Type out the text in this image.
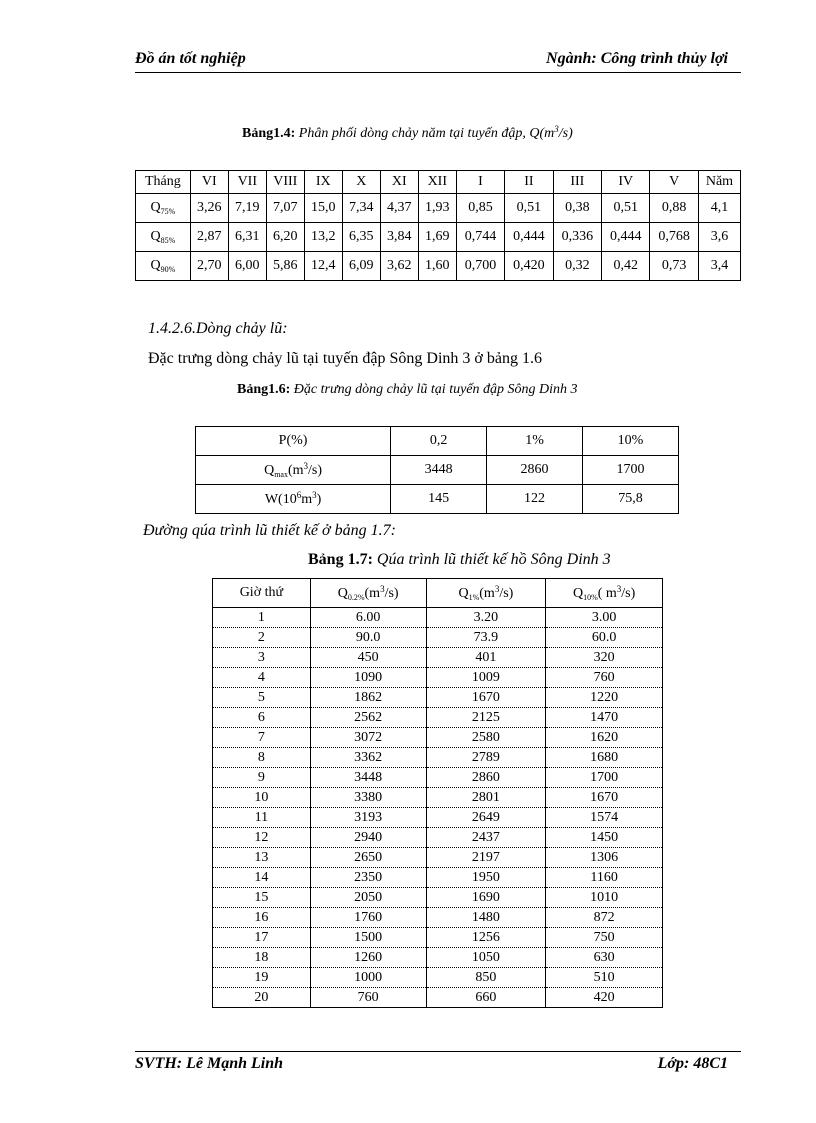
Đồ án tốt nghiệp	Ngành: Công trình thủy lợi
Bảng1.4: Phân phối dòng chảy năm tại tuyến đập, $Q(m^3/s)$
Tháng	VI	VII	VIII	IX	X	XI	XII	I	II	III	IV	V	Năm
$Q_{75\%}$	3,26	7,19	7,07	15,0	7,34	4,37	1,93	0,85	0,51	0,38	0,51	0,88	4,1
$Q_{85\%}$	2,87	6,31	6,20	13,2	6,35	3,84	1,69	0,744	0,444	0,336	0,444	0,768	3,6
$Q_{90\%}$	2,70	6,00	5,86	12,4	6,09	3,62	1,60	0,700	0,420	0,32	0,42	0,73	3,4
1.4.2.6.Dòng chảy lũ:
Đặc trưng dòng chảy lũ tại tuyến đập Sông Dinh 3 ở bảng 1.6
Bảng1.6: Đặc trưng dòng chảy lũ tại tuyến đập Sông Dinh 3
P(%)	0,2	1%	10%
$Q_{max}(m^3/s)$	3448	2860	1700
$W(10^6m^3)$	145	122	75,8
Đường qúa trình lũ thiết kế ở bảng 1.7:
Bảng 1.7: Qúa trình lũ thiết kế hồ Sông Dinh 3
Giờ thứ	$Q_{0.2\%}(m^3/s)$	$Q_{1\%}(m^3/s)$	$Q_{10\%}$( $m^3/s$)
1	6.00	3.20	3.00
2	90.0	73.9	60.0
3	450	401	320
4	1090	1009	760
5	1862	1670	1220
6	2562	2125	1470
7	3072	2580	1620
8	3362	2789	1680
9	3448	2860	1700
10	3380	2801	1670
11	3193	2649	1574
12	2940	2437	1450
13	2650	2197	1306
14	2350	1950	1160
15	2050	1690	1010
16	1760	1480	872
17	1500	1256	750
18	1260	1050	630
19	1000	850	510
20	760	660	420
SVTH: Lê Mạnh Linh	Lớp: 48C1
